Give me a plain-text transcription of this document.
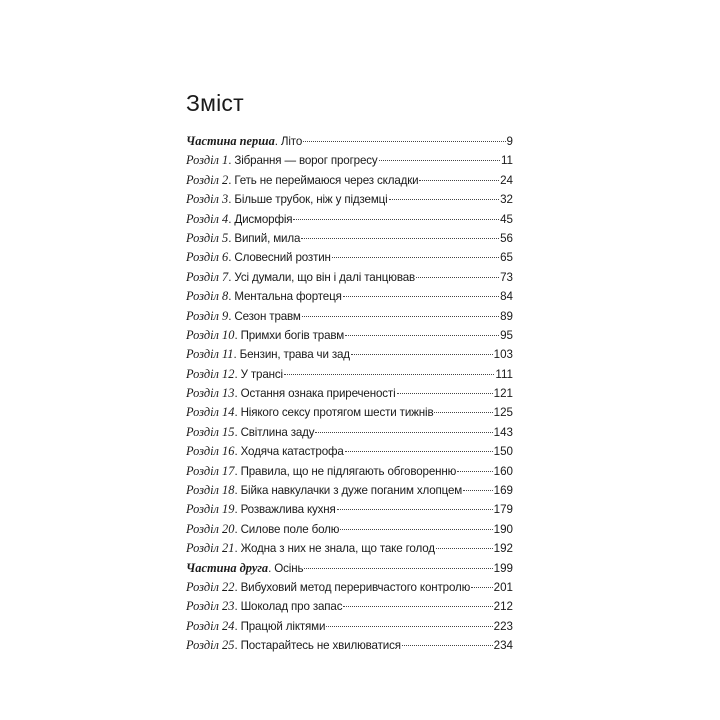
Зміст
Частина перша . Літо	9
Розділ 1 . Зібрання — ворог прогресу	11
Розділ 2 . Геть не переймаюся через складки	24
Розділ 3 . Більше трубок, ніж у підземці	32
Розділ 4 . Дисморфія	45
Розділ 5 . Випий, мила	56
Розділ 6 . Словесний розтин	65
Розділ 7 . Усі думали, що він і далі танцював	73
Розділ 8 . Ментальна фортеця	84
Розділ 9 . Сезон травм	89
Розділ 10 . Примхи богів травм	95
Розділ 11 . Бензин, трава чи зад	103
Розділ 12 . У трансі	111
Розділ 13 . Остання ознака приреченості	121
Розділ 14 . Ніякого сексу протягом шести тижнів	125
Розділ 15 . Світлина заду	143
Розділ 16 . Ходяча катастрофа	150
Розділ 17 . Правила, що не підлягають обговоренню	160
Розділ 18 . Бійка навкулачки з дуже поганим хлопцем	169
Розділ 19 . Розважлива кухня	179
Розділ 20 . Силове поле болю	190
Розділ 21 . Жодна з них не знала, що таке голод	192
Частина друга . Осінь	199
Розділ 22 . Вибуховий метод переривчастого контролю 201
Розділ 23 . Шоколад про запас	212
Розділ 24 . Працюй ліктями	223
Розділ 25 . Постарайтесь не хвилюватися	234
